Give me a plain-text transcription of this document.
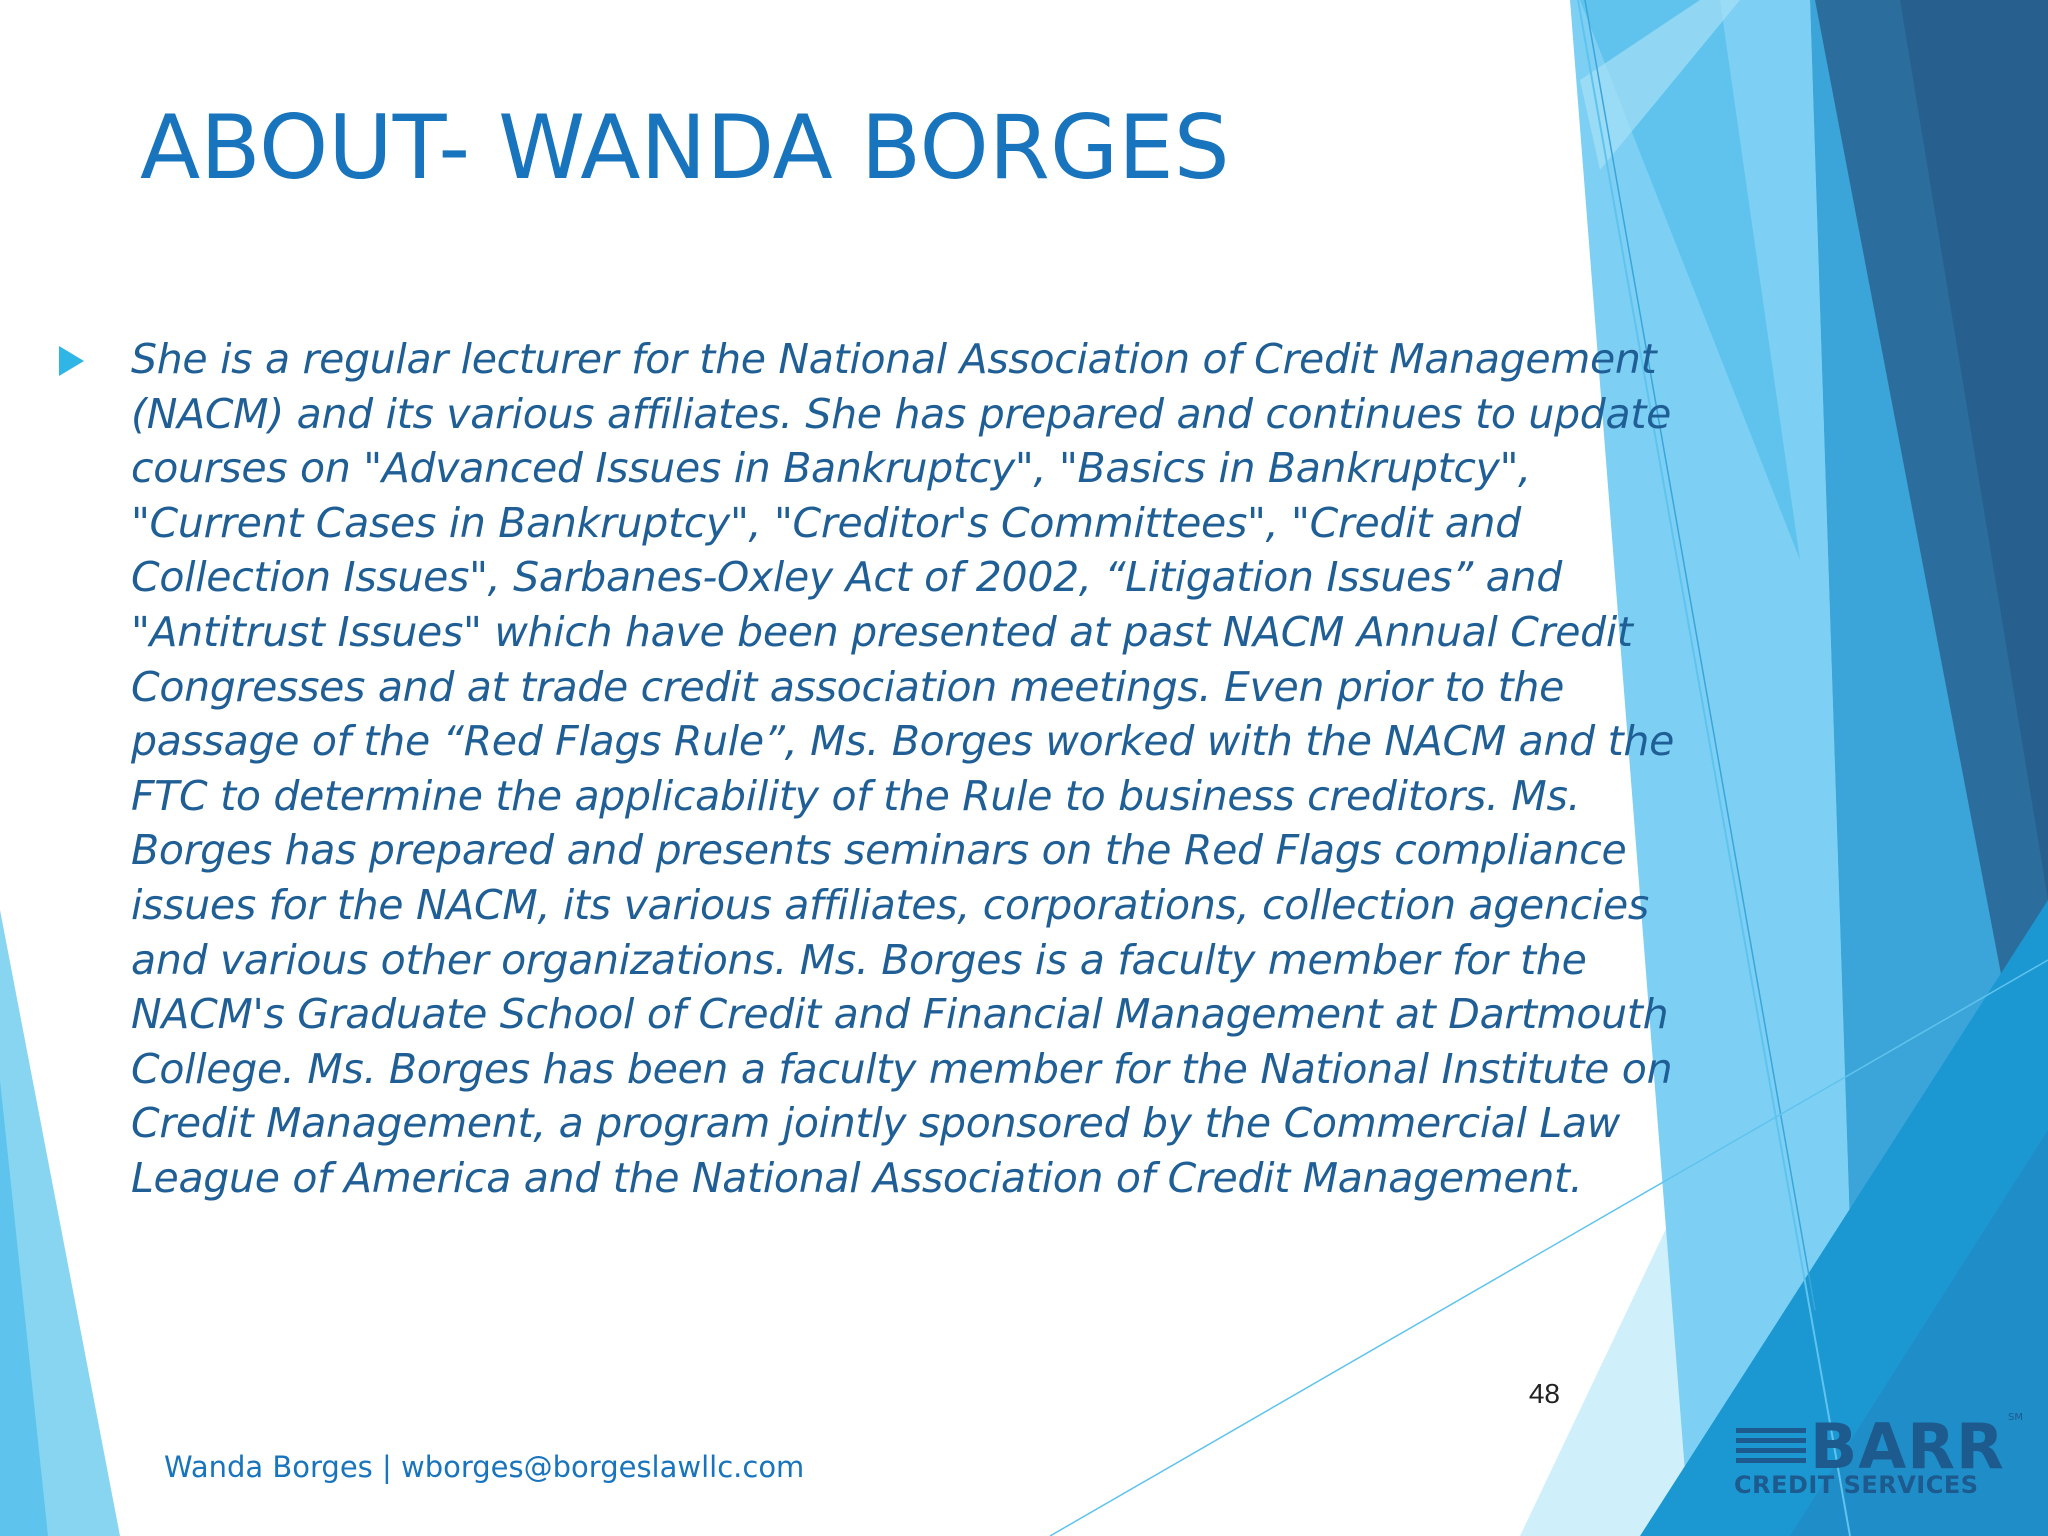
ABOUT- WANDA BORGES

She is a regular lecturer for the National Association of Credit Management (NACM) and its various affiliates. She has prepared and continues to update courses on "Advanced Issues in Bankruptcy", "Basics in Bankruptcy", "Current Cases in Bankruptcy", "Creditor's Committees", "Credit and Collection Issues", Sarbanes-Oxley Act of 2002, “Litigation Issues” and "Antitrust Issues" which have been presented at past NACM Annual Credit Congresses and at trade credit association meetings. Even prior to the passage of the “Red Flags Rule”, Ms. Borges worked with the NACM and the FTC to determine the applicability of the Rule to business creditors. Ms. Borges has prepared and presents seminars on the Red Flags compliance issues for the NACM, its various affiliates, corporations, collection agencies and various other organizations. Ms. Borges is a faculty member for the NACM's Graduate School of Credit and Financial Management at Dartmouth College. Ms. Borges has been a faculty member for the National Institute on Credit Management, a program jointly sponsored by the Commercial Law League of America and the National Association of Credit Management.

48
Wanda Borges | wborges@borgeslawllc.com	BARR SM
CREDIT SERVICES
